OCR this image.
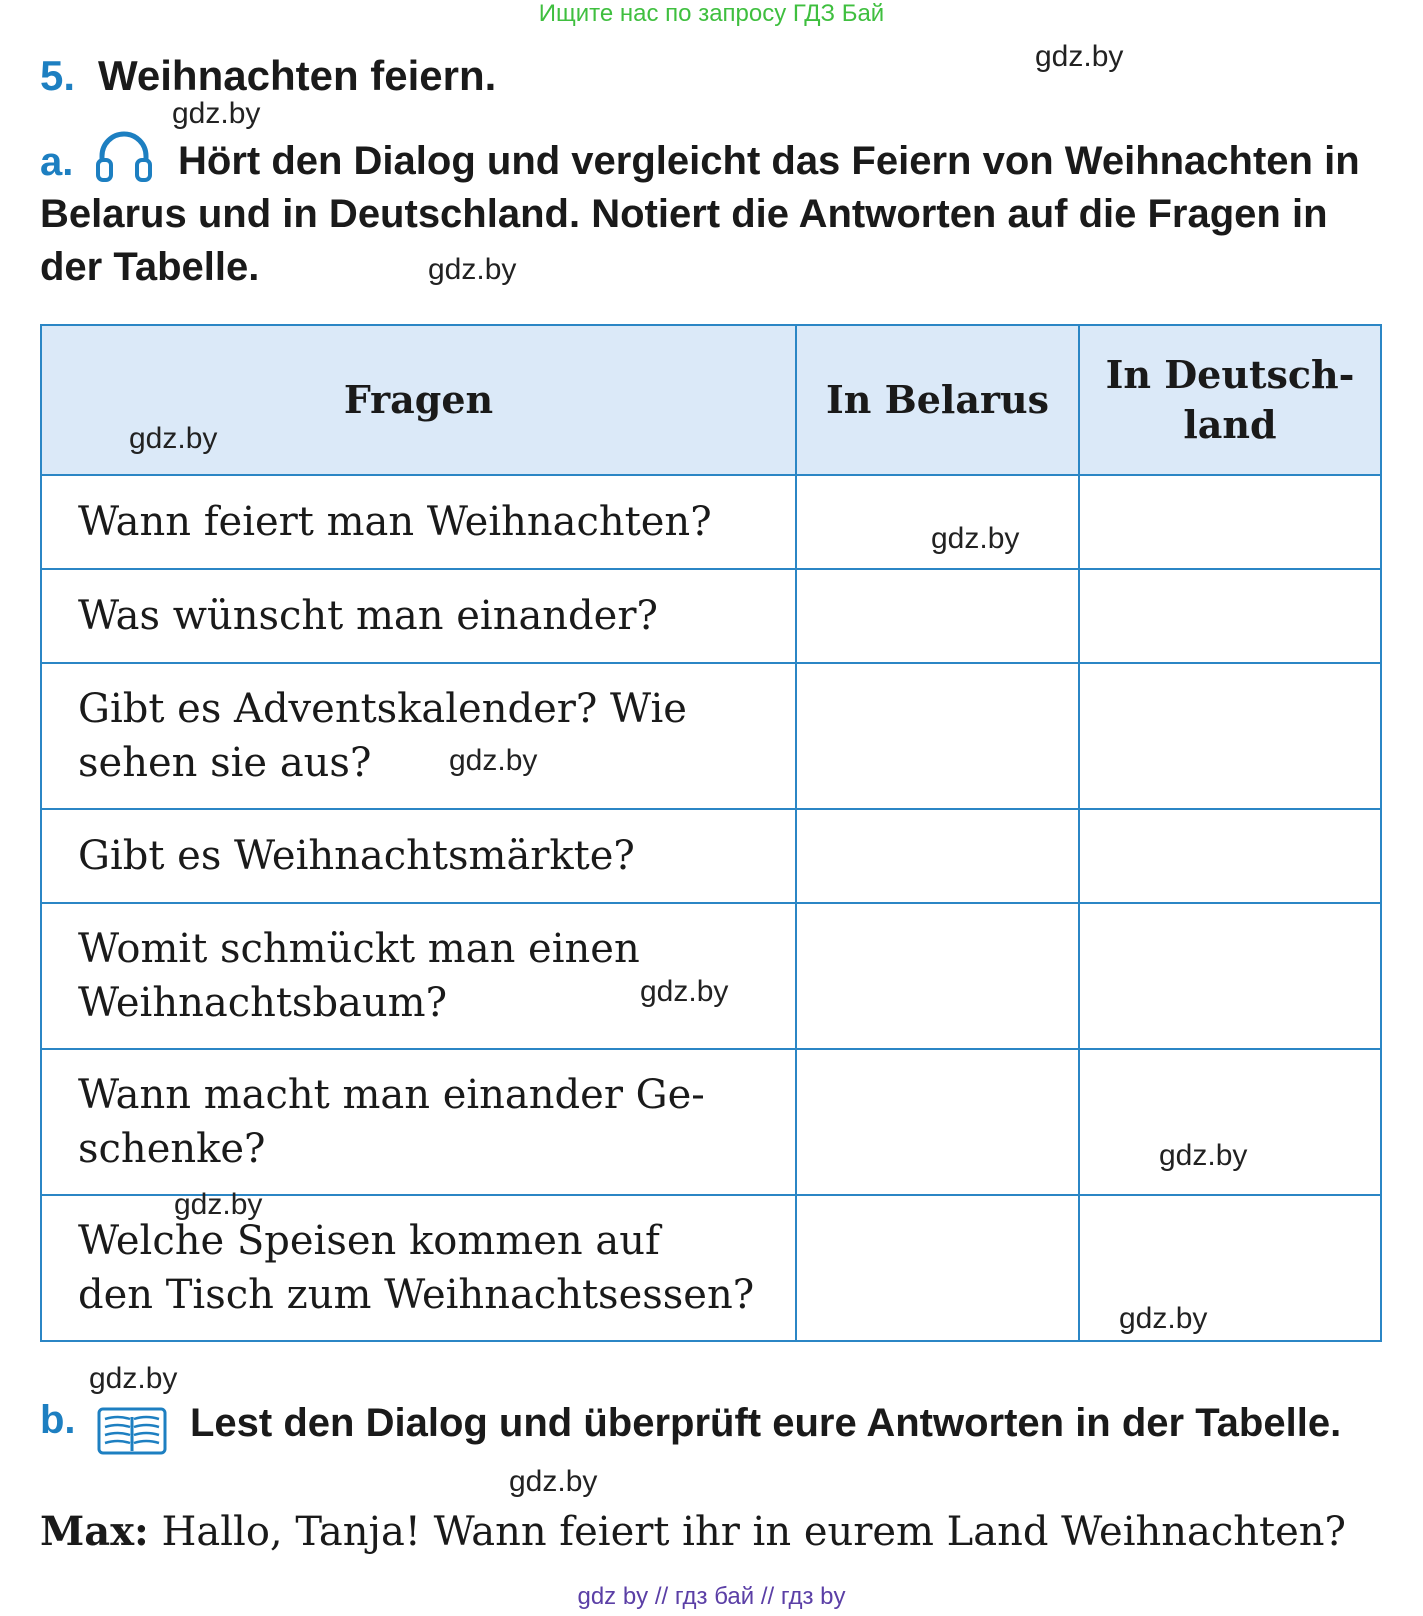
Ищите нас по запросу ГДЗ Бай
5. Weihnachten feiern.
a.	Hört den Dialog und vergleicht das Feiern von Weihnachten in
Belarus und in Deutschland. Notiert die Antworten auf die Fragen in
der Tabelle.
Fragen	In Belarus	In Deutsch-
land
Wann feiert man Weihnachten?		
Was wünscht man einander?		
Gibt es Adventskalender? Wie
sehen sie aus?		
Gibt es Weihnachtsmärkte?		
Womit schmückt man einen
Weihnachtsbaum?		
Wann macht man einander Ge-
schenke?		
Welche Speisen kommen auf
den Tisch zum Weihnachtsessen?		
b.	Lest den Dialog und überprüft eure Antworten in der Tabelle.
Max: Hallo, Tanja! Wann feiert ihr in eurem Land Weihnachten?
gdz.by
gdz.by
gdz.by
gdz.by
gdz.by
gdz.by
gdz.by
gdz.by
gdz.by
gdz.by
gdz.by
gdz.by
gdz by // гдз бай // гдз by
